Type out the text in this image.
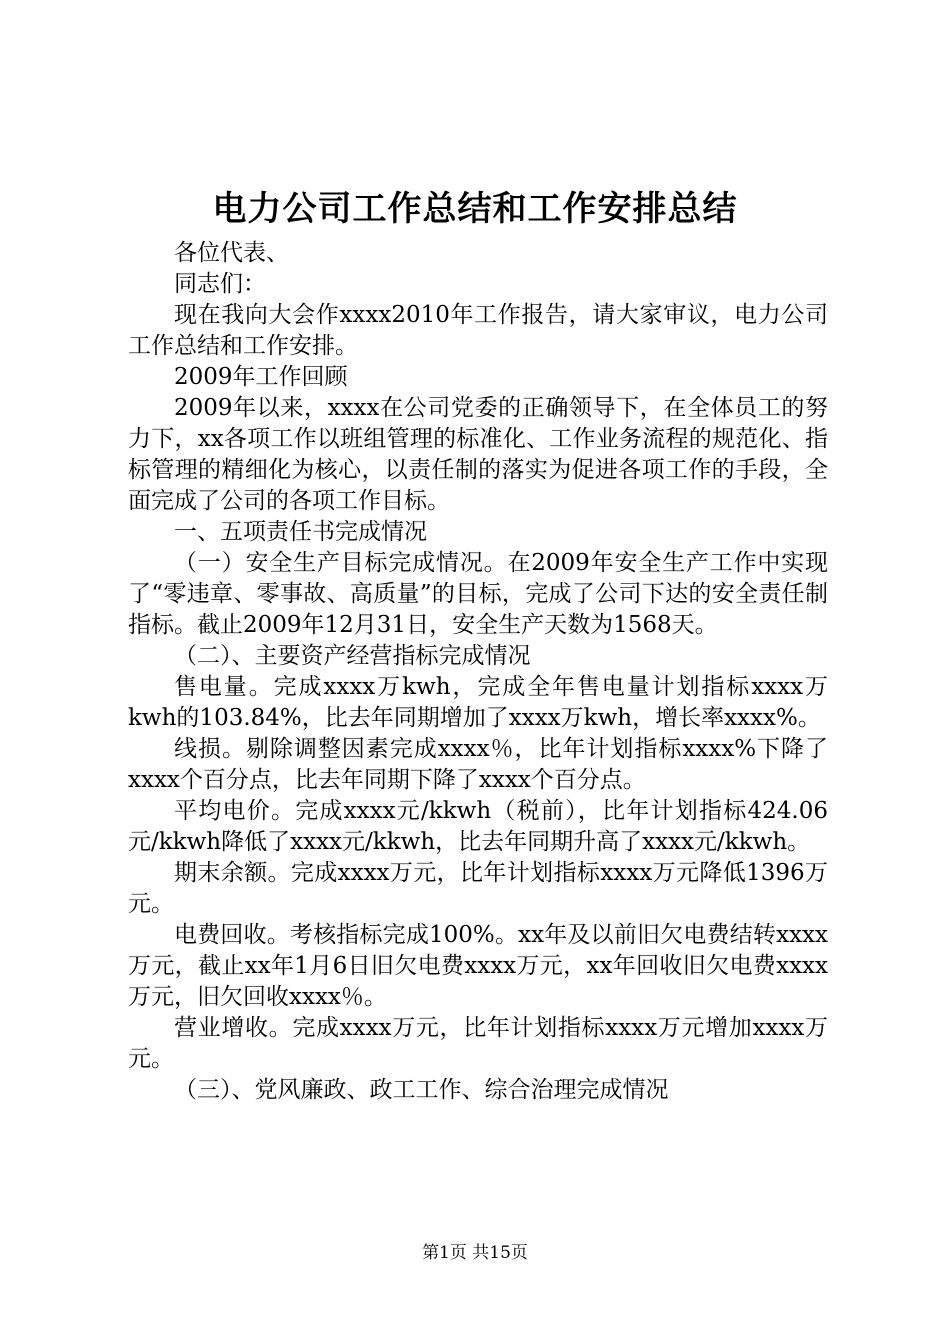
电力公司工作总结和工作安排总结

各位代表、

同志们：

现在我向大会作xxxx2010年工作报告，请大家审议，电力公司工作总结和工作安排。

2009年工作回顾

2009年以来，xxxx在公司党委的正确领导下，在全体员工的努力下，xx各项工作以班组管理的标准化、工作业务流程的规范化、指标管理的精细化为核心，以责任制的落实为促进各项工作的手段，全面完成了公司的各项工作目标。

一、五项责任书完成情况

（一）安全生产目标完成情况。在2009年安全生产工作中实现了“零违章、零事故、高质量”的目标，完成了公司下达的安全责任制指标。截止2009年12月31日，安全生产天数为1568天。

（二）、主要资产经营指标完成情况

售电量。完成xxxx万kwh，完成全年售电量计划指标xxxx万kwh的103.84%，比去年同期增加了xxxx万kwh，增长率xxxx%。

线损。剔除调整因素完成xxxx％，比年计划指标xxxx%下降了xxxx个百分点，比去年同期下降了xxxx个百分点。

平均电价。完成xxxx元/kkwh（税前），比年计划指标424.06元/kkwh降低了xxxx元/kkwh，比去年同期升高了xxxx元/kkwh。

期末余额。完成xxxx万元，比年计划指标xxxx万元降低1396万元。

电费回收。考核指标完成100%。xx年及以前旧欠电费结转xxxx万元，截止xx年1月6日旧欠电费xxxx万元，xx年回收旧欠电费xxxx万元，旧欠回收xxxx％。

营业增收。完成xxxx万元，比年计划指标xxxx万元增加xxxx万元。

（三）、党风廉政、政工工作、综合治理完成情况

第1页 共15页
